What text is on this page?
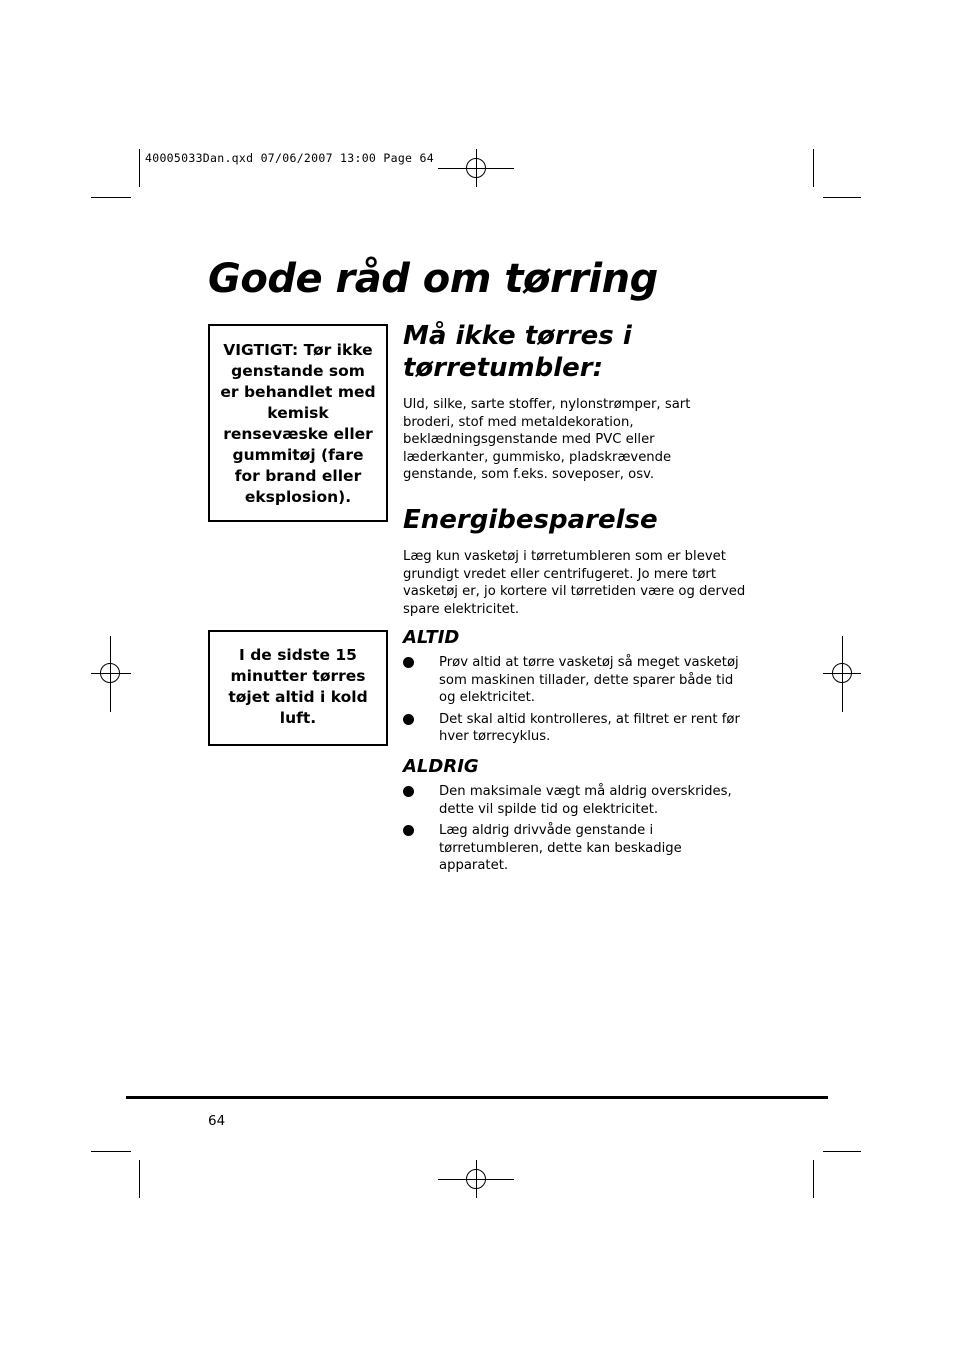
40005033Dan.qxd 07/06/2007 13:00 Page 64
Gode råd om tørring
VIGTIGT: Tør ikke genstande som er behandlet med kemisk rensevæske eller gummitøj (fare for brand eller eksplosion).
I de sidste 15 minutter tørres tøjet altid i kold luft.
Må ikke tørres i tørretumbler:

Uld, silke, sarte stoffer, nylonstrømper, sart broderi, stof med metaldekoration, beklædningsgenstande med PVC eller læderkanter, gummisko, pladskrævende genstande, som f.eks. soveposer, osv.

Energibesparelse

Læg kun vasketøj i tørretumbleren som er blevet grundigt vredet eller centrifugeret. Jo mere tørt vasketøj er, jo kortere vil tørretiden være og derved spare elektricitet.

ALTID
Prøv altid at tørre vasketøj så meget vasketøj som maskinen tillader, dette sparer både tid og elektricitet.
Det skal altid kontrolleres, at filtret er rent før hver tørrecyklus.
ALDRIG
Den maksimale vægt må aldrig overskrides, dette vil spilde tid og elektricitet.
Læg aldrig drivvåde genstande i tørretumbleren, dette kan beskadige apparatet.
64
